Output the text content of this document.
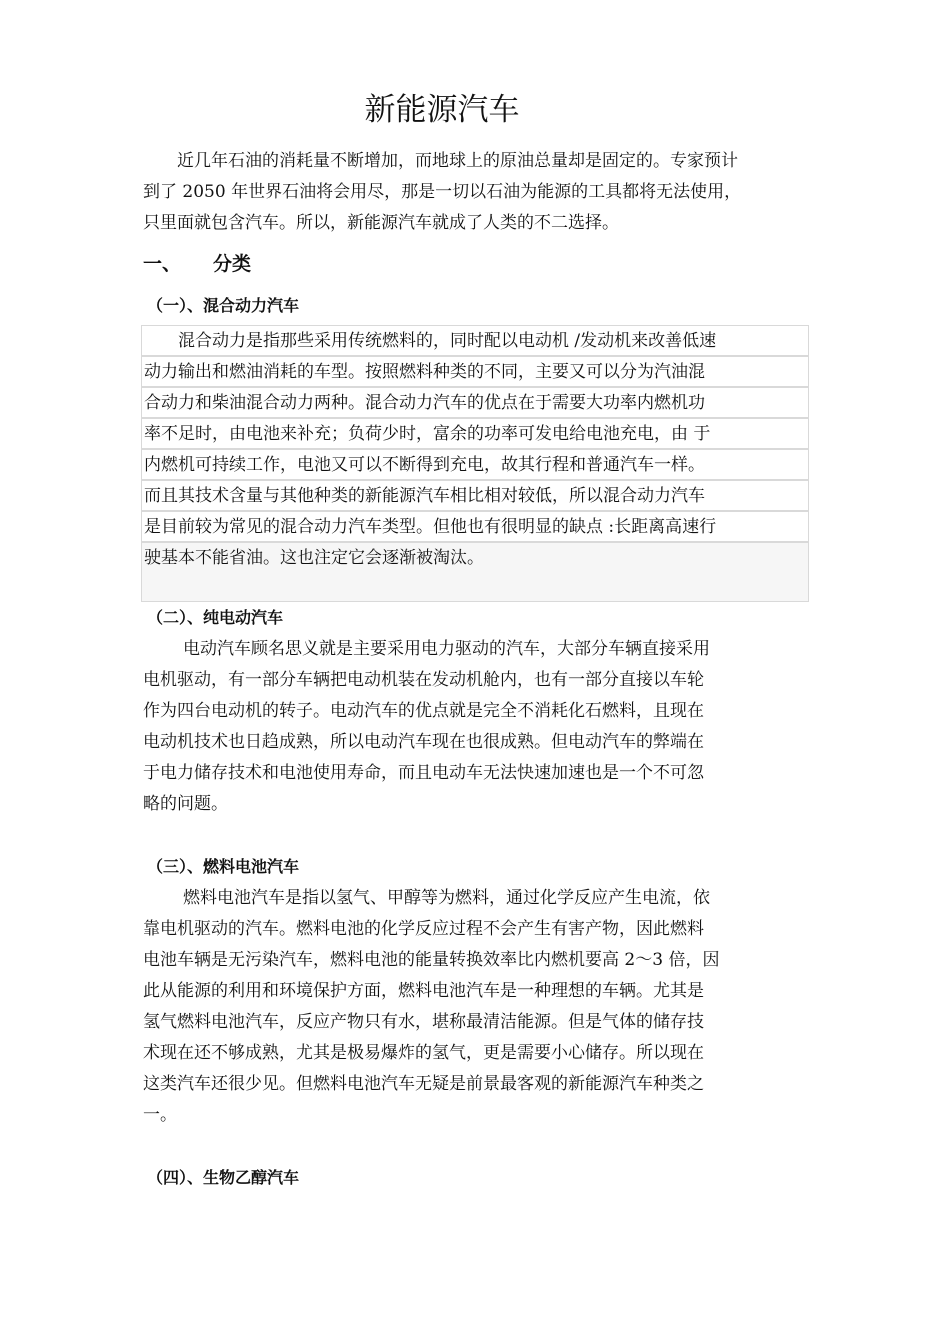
新能源汽车
近几年石油的消耗量不断增加，而地球上的原油总量却是固定的。专家预计
到了 2050 年世界石油将会用尽，那是一切以石油为能源的工具都将无法使用，
只里面就包含汽车。所以，新能源汽车就成了人类的不二选择。
一、 分类
（一）、混合动力汽车
混合动力是指那些采用传统燃料的，同时配以电动机 /发动机来改善低速
动力输出和燃油消耗的车型。按照燃料种类的不同，主要又可以分为汽油混
合动力和柴油混合动力两种。混合动力汽车的优点在于需要大功率内燃机功
率不足时，由电池来补充；负荷少时，富余的功率可发电给电池充电，由 于
内燃机可持续工作，电池又可以不断得到充电，故其行程和普通汽车一样。
而且其技术含量与其他种类的新能源汽车相比相对较低，所以混合动力汽车
是目前较为常见的混合动力汽车类型。但他也有很明显的缺点 :长距离高速行
驶基本不能省油。这也注定它会逐渐被淘汰。
（二）、纯电动汽车
电动汽车顾名思义就是主要采用电力驱动的汽车，大部分车辆直接采用
电机驱动，有一部分车辆把电动机装在发动机舱内，也有一部分直接以车轮
作为四台电动机的转子。电动汽车的优点就是完全不消耗化石燃料，且现在
电动机技术也日趋成熟，所以电动汽车现在也很成熟。但电动汽车的弊端在
于电力储存技术和电池使用寿命，而且电动车无法快速加速也是一个不可忽
略的问题。
（三）、燃料电池汽车
燃料电池汽车是指以氢气、甲醇等为燃料，通过化学反应产生电流，依
靠电机驱动的汽车。燃料电池的化学反应过程不会产生有害产物，因此燃料
电池车辆是无污染汽车，燃料电池的能量转换效率比内燃机要高 2～3 倍，因
此从能源的利用和环境保护方面，燃料电池汽车是一种理想的车辆。尤其是
氢气燃料电池汽车，反应产物只有水，堪称最清洁能源。但是气体的储存技
术现在还不够成熟，尤其是极易爆炸的氢气，更是需要小心储存。所以现在
这类汽车还很少见。但燃料电池汽车无疑是前景最客观的新能源汽车种类之
一。
（四）、生物乙醇汽车
